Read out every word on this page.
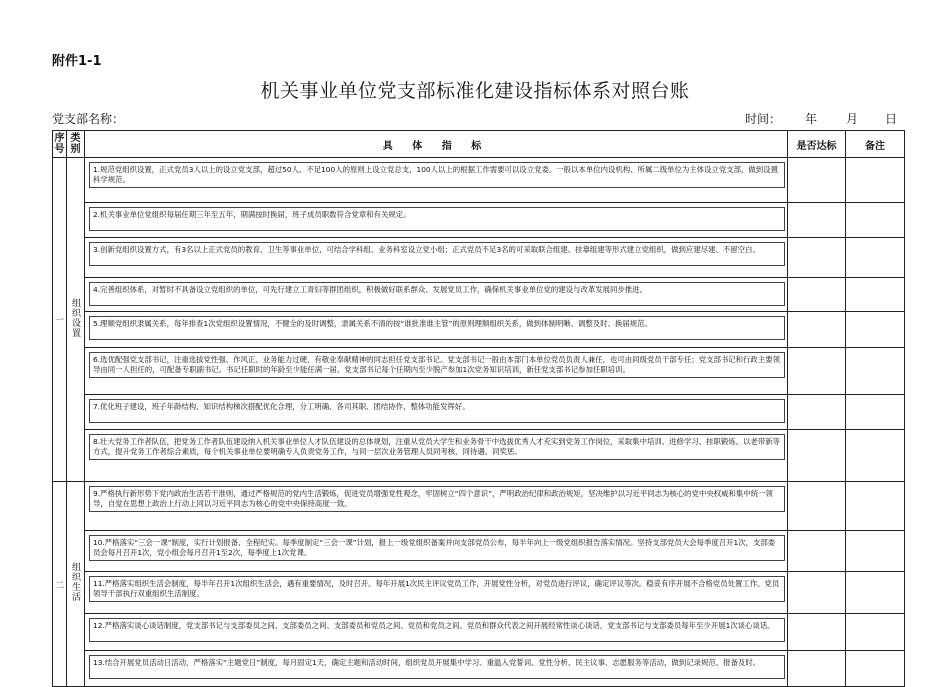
附件1-1
机关事业单位党支部标准化建设指标体系对照台账
党支部名称：	时间： 年 月 日
序号	类别	具 体 指 标	是否达标	备注
一	组织设置	1.规范党组织设置，正式党员3人以上的设立党支部，超过50人、不足100人的原则上设立党总支，100人以上的根据工作需要可以设立党委。一般以本单位内设机构、所属二级单位为主体设立党支部，做到设置科学规范。		

		2.机关事业单位党组织每届任期三年至五年，期满按时换届，班子成员职数符合党章和有关规定。		

		3.创新党组织设置方式，有3名以上正式党员的教育、卫生等事业单位，可结合学科组、业务科室设立党小组；正式党员不足3名的可采取联合组建、挂靠组建等形式建立党组织，做到应建尽建、不留空白。		

		4.完善组织体系，对暂时不具备设立党组织的单位，可先行建立工青妇等群团组织，积极做好联系群众、发展党员工作，确保机关事业单位党的建设与改革发展同步推进。		

		5.理顺党组织隶属关系，每年排查1次党组织设置情况，不健全的及时调整，隶属关系不清的按“谁批准谁主管”的原则理顺组织关系，做到体制明晰、调整及时、换届规范。		

		6.选优配强党支部书记，注重选拔党性强、作风正、业务能力过硬、有敬业奉献精神的同志担任党支部书记。党支部书记一般由本部门本单位党员负责人兼任，也可由同级党员干部专任；党支部书记和行政主要领导由同一人担任的，可配备专职副书记。书记任职时的年龄至少能任满一届。党支部书记每个任期内至少脱产参加1次党务知识培训，新任党支部书记参加任职培训。		

		7.优化班子建设，班子年龄结构、知识结构梯次搭配优化合理，分工明确、各司其职、团结协作，整体功能发挥好。		

		8.壮大党务工作者队伍，把党务工作者队伍建设纳入机关事业单位人才队伍建设的总体规划，注重从党员大学生和业务骨干中选拔优秀人才充实到党务工作岗位，采取集中培训、进修学习、挂职锻炼、以老带新等方式，提升党务工作者综合素质，每个机关事业单位要明确专人负责党务工作，与同一层次业务管理人员同考核、同待遇、同奖惩。		

二	组织生活	9.严格执行新形势下党内政治生活若干准则，通过严格规范的党内生活锻炼，促进党员增强党性观念，牢固树立“四个意识”，严明政治纪律和政治规矩，坚决维护以习近平同志为核心的党中央权威和集中统一领导，自觉在思想上政治上行动上同以习近平同志为核心的党中央保持高度一致。		

		10.严格落实“三会一课”制度，实行计划报备、全程纪实。每季度制定“三会一课”计划，报上一级党组织备案并向支部党员公布，每半年向上一级党组织报告落实情况。坚持支部党员大会每季度召开1次，支部委员会每月召开1次，党小组会每月召开1至2次，每季度上1次党课。		

		11.严格落实组织生活会制度，每半年召开1次组织生活会，遇有重要情况，及时召开。每年开展1次民主评议党员工作，开展党性分析，对党员进行评议，确定评议等次。稳妥有序开展不合格党员处置工作。党员领导干部执行双重组织生活制度。		

		12.严格落实谈心谈话制度，党支部书记与支部委员之间、支部委员之间、支部委员和党员之间、党员和党员之间、党员和群众代表之间开展经常性谈心谈话，党支部书记与支部委员每年至少开展1次谈心谈话。		

		13.结合开展党员活动日活动，严格落实“主题党日”制度，每月固定1天，确定主题和活动时间，组织党员开展集中学习、重温入党誓词、党性分析、民主议事、志愿服务等活动，做到记录规范、报备及时。		
